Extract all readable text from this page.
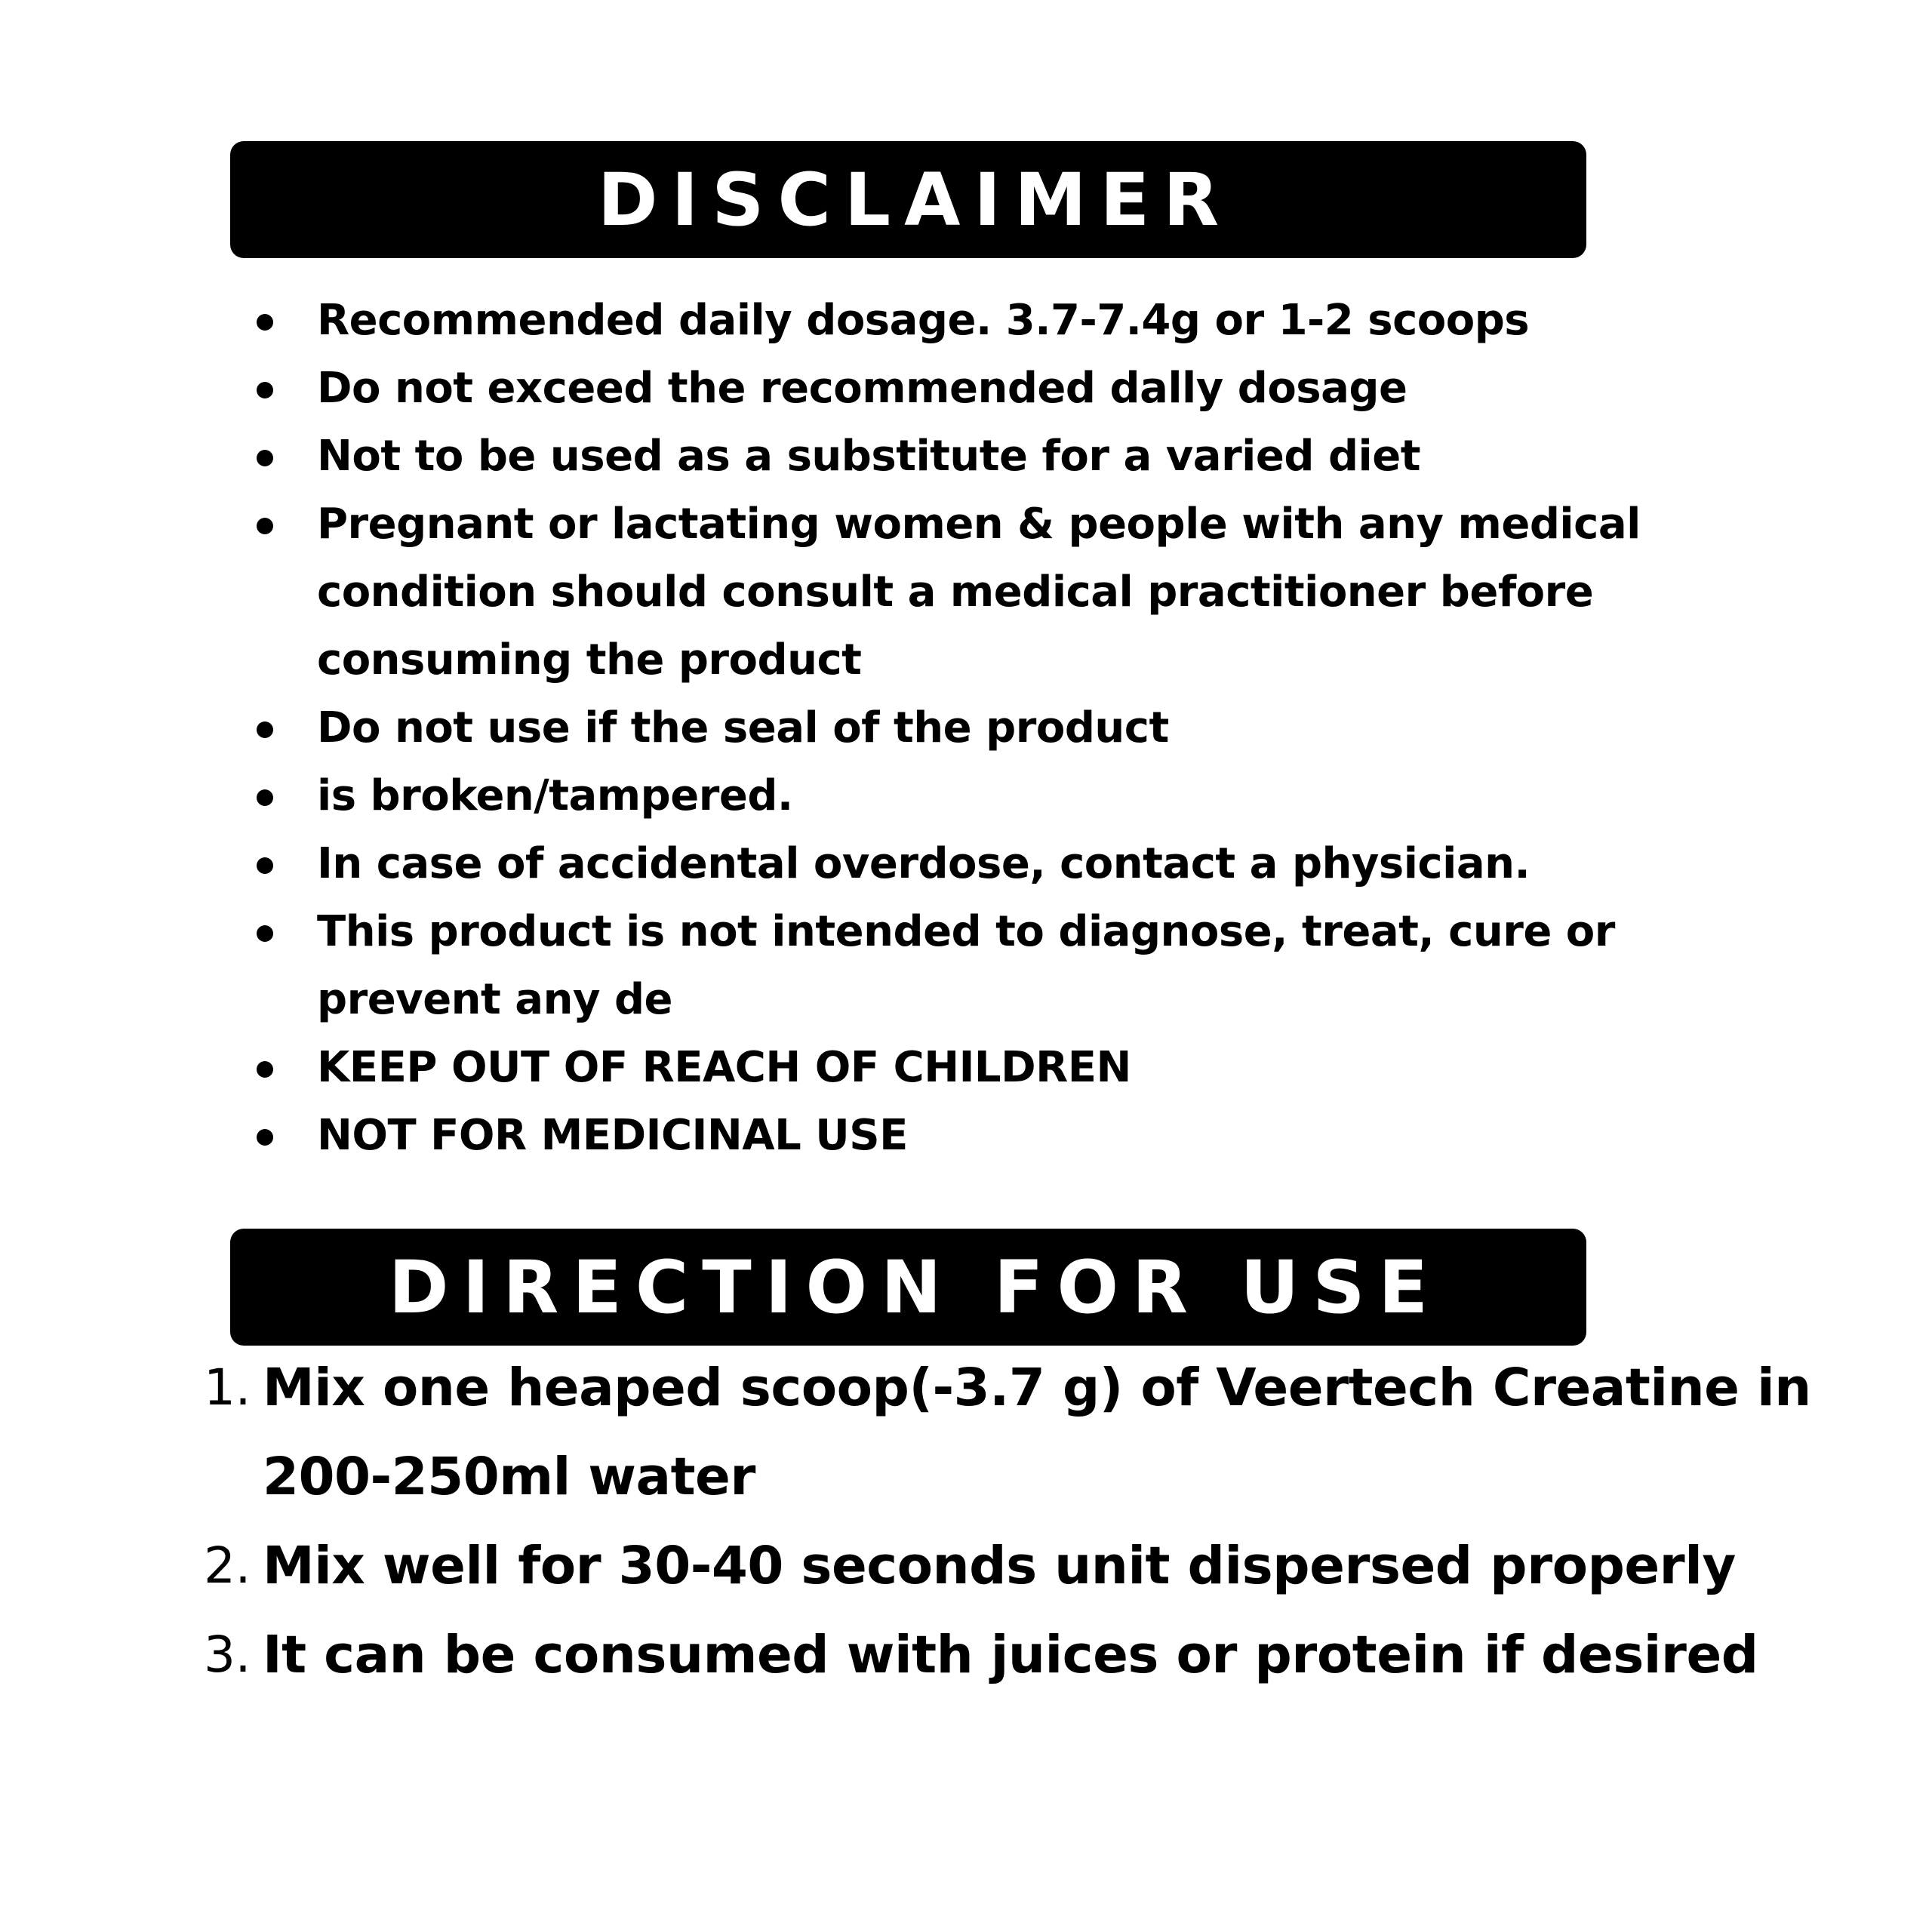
DISCLAIMER
Recommended daily dosage. 3.7-7.4g or 1-2 scoops
Do not exceed the recommended dally dosage
Not to be used as a substitute for a varied diet
Pregnant or lactating women & people with any medical condition should consult a medical practitioner before consuming the product
Do not use if the seal of the product
is broken/tampered.
In case of accidental overdose, contact a physician.
This product is not intended to diagnose, treat, cure or prevent any de
KEEP OUT OF REACH OF CHILDREN
NOT FOR MEDICINAL USE
DIRECTION FOR USE
1. Mix one heaped scoop(-3.7 g) of Veertech Creatine in 200-250ml water
2. Mix well for 30-40 seconds unit dispersed properly
3. It can be consumed with juices or protein if desired
